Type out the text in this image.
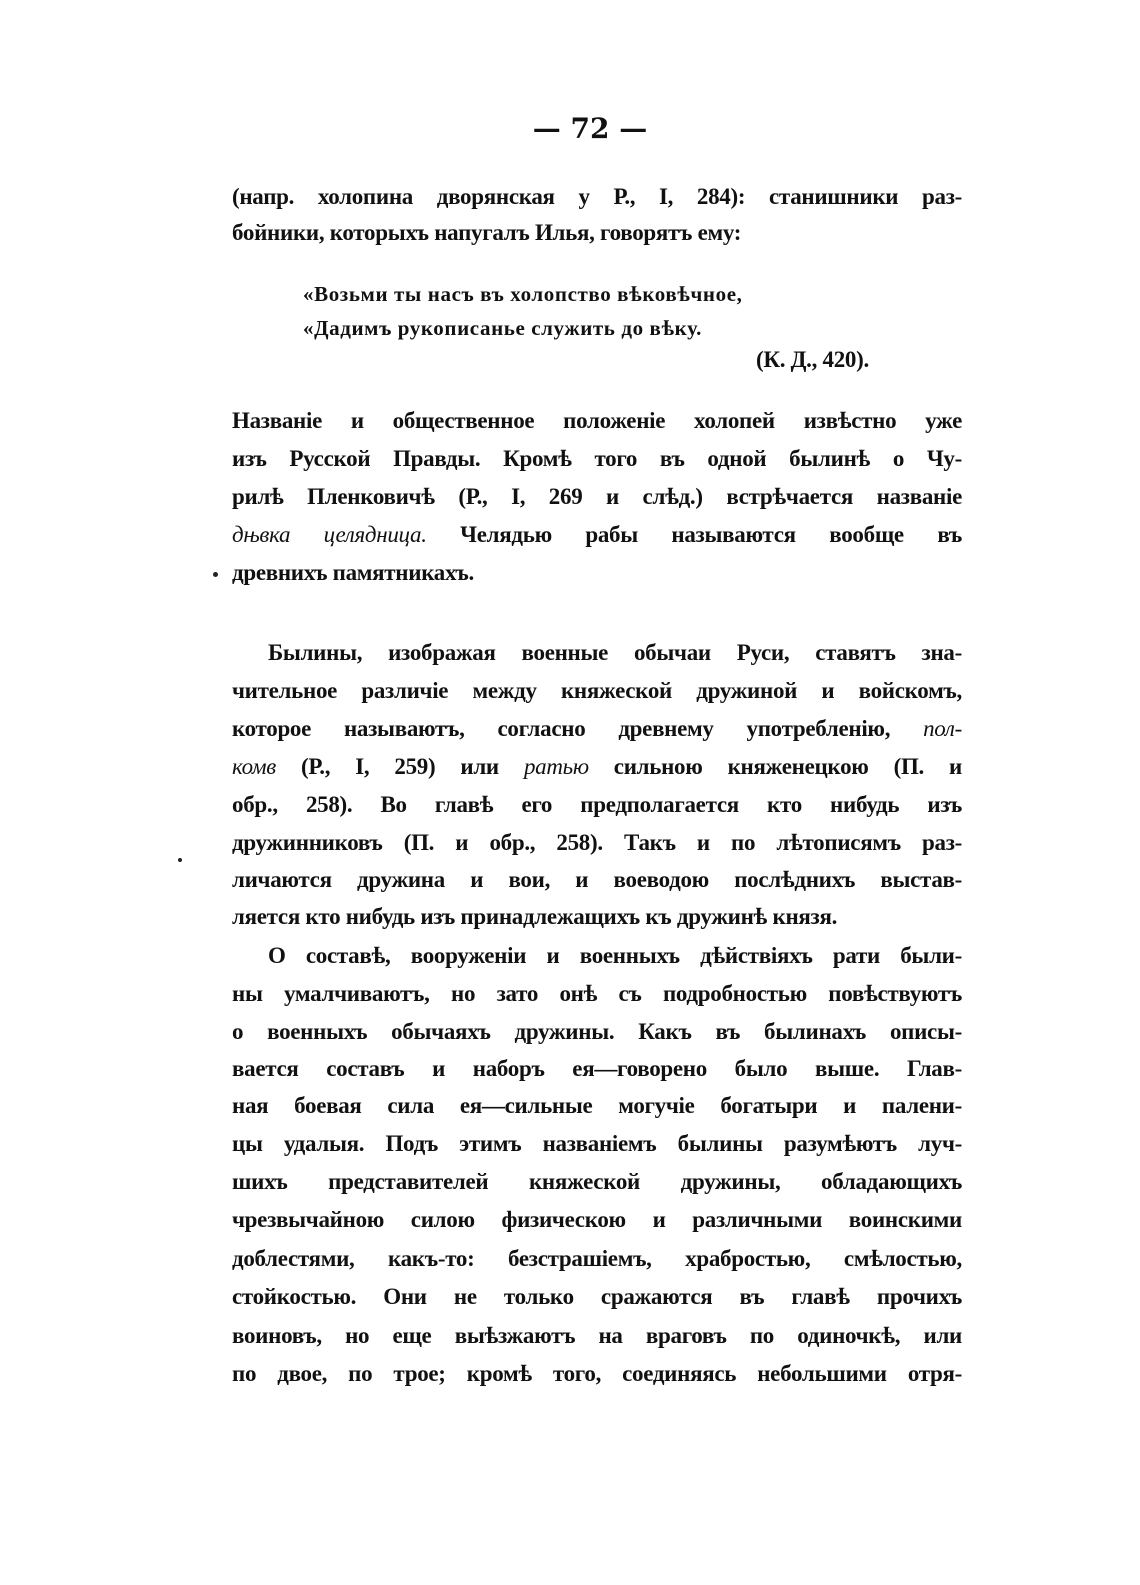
— 72 —
(напр. холопина дворянская у Р., I, 284): станишники раз-
бойники, которыхъ напугалъ Илья, говорятъ ему:
«Возьми ты насъ въ холопство вѣковѣчное,
«Дадимъ рукописанье служить до вѣку.
(К. Д., 420).
Названіе и общественное положеніе холопей извѣстно уже
изъ Русской Правды. Кромѣ того въ одной былинѣ о Чу-
рилѣ Пленковичѣ (Р., I, 269 и слѣд.) встрѣчается названіе
дњвка целядница. Челядью рабы называются вообще въ
древнихъ памятникахъ.
Былины, изображая военные обычаи Руси, ставятъ зна-
чительное различіе между княжеской дружиной и войскомъ,
которое называютъ, согласно древнему употребленію, пол-
комв (Р., I, 259) или ратью сильною княженецкою (П. и
обр., 258). Во главѣ его предполагается кто нибудь изъ
дружинниковъ (П. и обр., 258). Такъ и по лѣтописямъ раз-
личаются дружина и вои, и воеводою послѣднихъ выстав-
ляется кто нибудь изъ принадлежащихъ къ дружинѣ князя.
О составѣ, вооруженіи и военныхъ дѣйствіяхъ рати были-
ны умалчиваютъ, но зато онѣ съ подробностью повѣствуютъ
о военныхъ обычаяхъ дружины. Какъ въ былинахъ описы-
вается составъ и наборъ ея—говорено было выше. Глав-
ная боевая сила ея—сильные могучіе богатыри и палени-
цы удалыя. Подъ этимъ названіемъ былины разумѣютъ луч-
шихъ представителей княжеской дружины, обладающихъ
чрезвычайною силою физическою и различными воинскими
доблестями, какъ-то: безстрашіемъ, храбростью, смѣлостью,
стойкостью. Они не только сражаются въ главѣ прочихъ
воиновъ, но еще выѣзжаютъ на враговъ по одиночкѣ, или
по двое, по трое; кромѣ того, соединяясь небольшими отря-
